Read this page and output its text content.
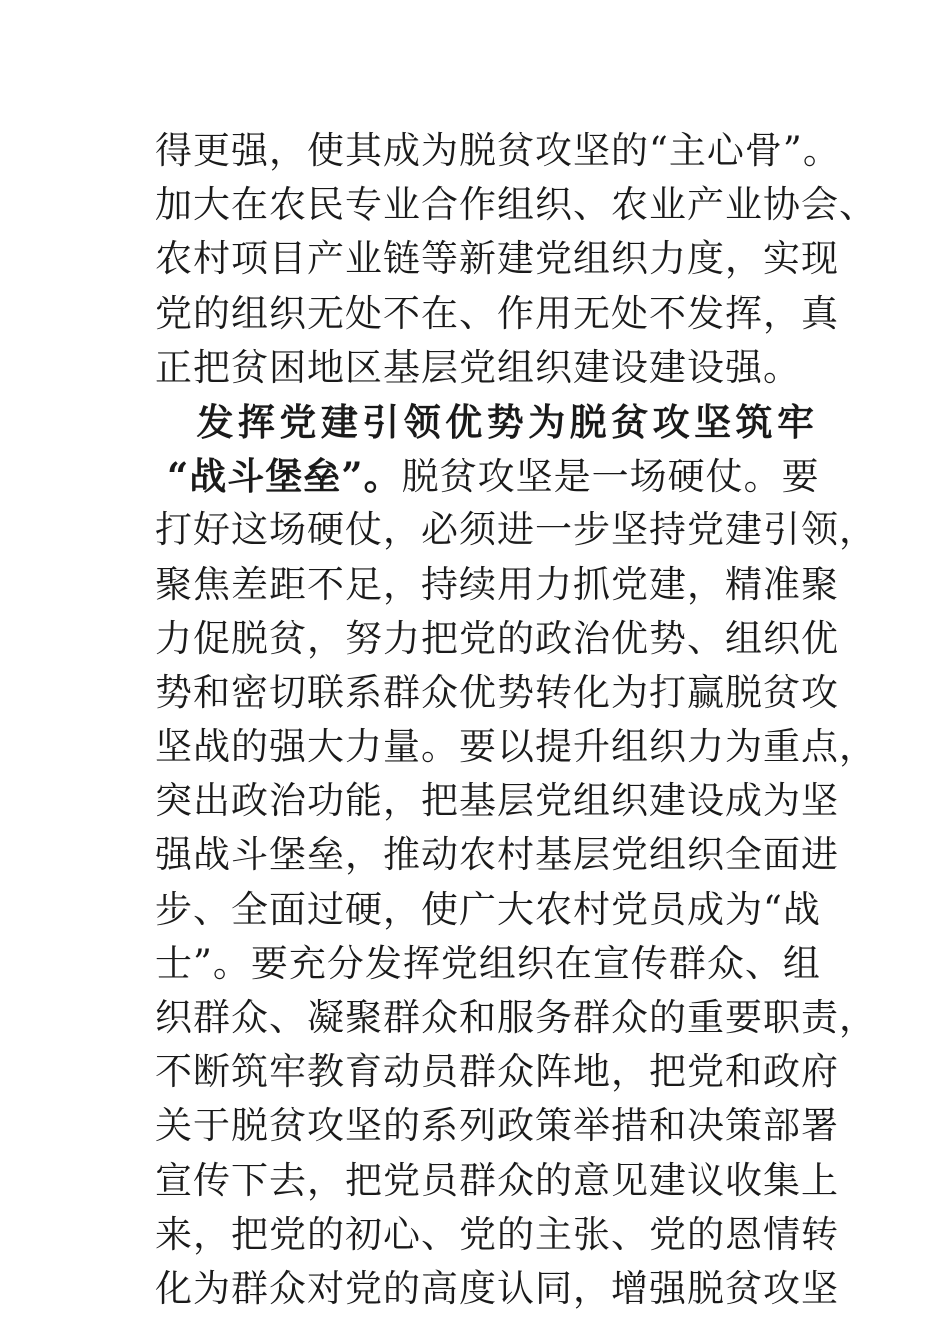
得更强，使其成为脱贫攻坚的“主心骨”。
加大在农民专业合作组织、农业产业协会、
农村项目产业链等新建党组织力度，实现
党的组织无处不在、作用无处不发挥，真
正把贫困地区基层党组织建设建设强。
发挥党建引领优势为脱贫攻坚筑牢
“战斗堡垒”。脱贫攻坚是一场硬仗。要
打好这场硬仗，必须进一步坚持党建引领，
聚焦差距不足，持续用力抓党建，精准聚
力促脱贫，努力把党的政治优势、组织优
势和密切联系群众优势转化为打赢脱贫攻
坚战的强大力量。要以提升组织力为重点，
突出政治功能，把基层党组织建设成为坚
强战斗堡垒，推动农村基层党组织全面进
步、全面过硬，使广大农村党员成为“战
士”。要充分发挥党组织在宣传群众、组
织群众、凝聚群众和服务群众的重要职责，
不断筑牢教育动员群众阵地，把党和政府
关于脱贫攻坚的系列政策举措和决策部署
宣传下去，把党员群众的意见建议收集上
来，把党的初心、党的主张、党的恩情转
化为群众对党的高度认同，增强脱贫攻坚
